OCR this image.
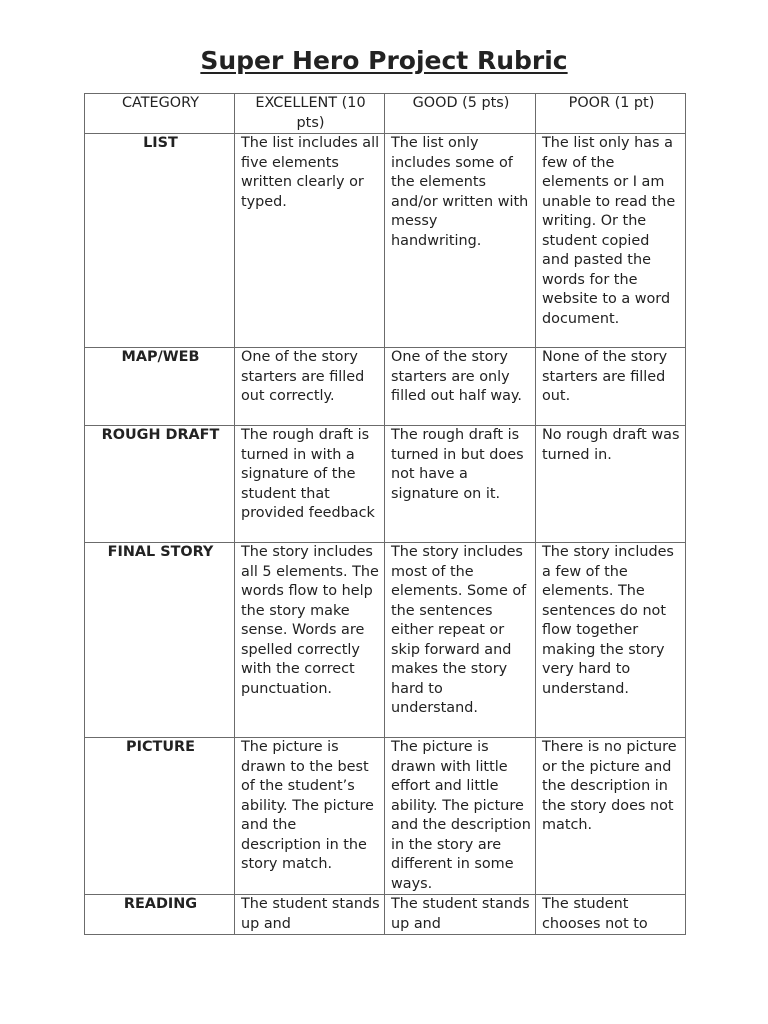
Super Hero Project Rubric
CATEGORY	EXCELLENT (10 pts)	GOOD (5 pts)	POOR (1 pt)
LIST	The list includes all five elements written clearly or typed.	The list only includes some of the elements and/or written with messy handwriting.	The list only has a few of the elements or I am unable to read the writing. Or the student copied and pasted the words for the website to a word document.
MAP/WEB	One of the story starters are filled out correctly.	One of the story starters are only filled out half way.	None of the story starters are filled out.
ROUGH DRAFT	The rough draft is turned in with a signature of the student that provided feedback	The rough draft is turned in but does not have a signature on it.	No rough draft was turned in.
FINAL STORY	The story includes all 5 elements. The words flow to help the story make sense. Words are spelled correctly with the correct punctuation.	The story includes most of the elements. Some of the sentences either repeat or skip forward and makes the story hard to understand.	The story includes a few of the elements. The sentences do not flow together making the story very hard to understand.
PICTURE	The picture is drawn to the best of the student’s ability. The picture and the description in the story match.	The picture is drawn with little effort and little ability. The picture and the description in the story are different in some ways.	There is no picture or the picture and the description in the story does not match.

READING	The student stands up and	The student stands up and	The student chooses not to
